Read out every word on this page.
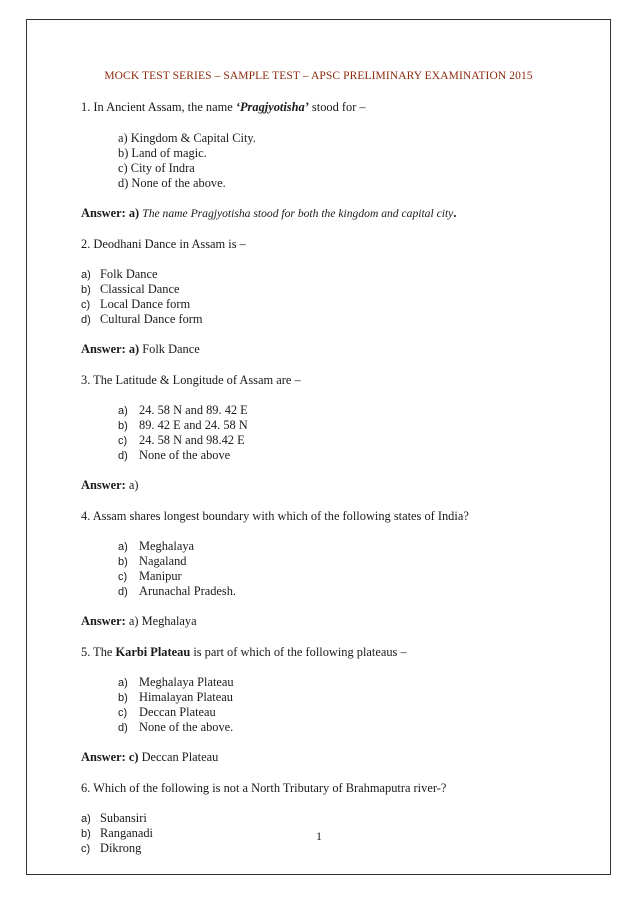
MOCK TEST SERIES – SAMPLE TEST – APSC PRELIMINARY EXAMINATION 2015
1. In Ancient Assam, the name ‘Pragjyotisha’ stood for –
a) Kingdom & Capital City.
b) Land of magic.
c) City of Indra
d) None of the above.
Answer: a) The name Pragjyotisha stood for both the kingdom and capital city.
2. Deodhani Dance in Assam is –
a) Folk Dance
b) Classical Dance
c) Local Dance form
d) Cultural Dance form
Answer: a) Folk Dance
3. The Latitude & Longitude of Assam are –
a) 24. 58 N and 89. 42 E
b) 89. 42 E and 24. 58 N
c) 24. 58 N and 98.42 E
d) None of the above
Answer: a)
4. Assam shares longest boundary with which of the following states of India?
a) Meghalaya
b) Nagaland
c) Manipur
d) Arunachal Pradesh.
Answer: a) Meghalaya
5. The Karbi Plateau is part of which of the following plateaus –
a) Meghalaya Plateau
b) Himalayan Plateau
c) Deccan Plateau
d) None of the above.
Answer: c) Deccan Plateau
6. Which of the following is not a North Tributary of Brahmaputra river-?
a) Subansiri
b) Ranganadi
c) Dikrong
1
